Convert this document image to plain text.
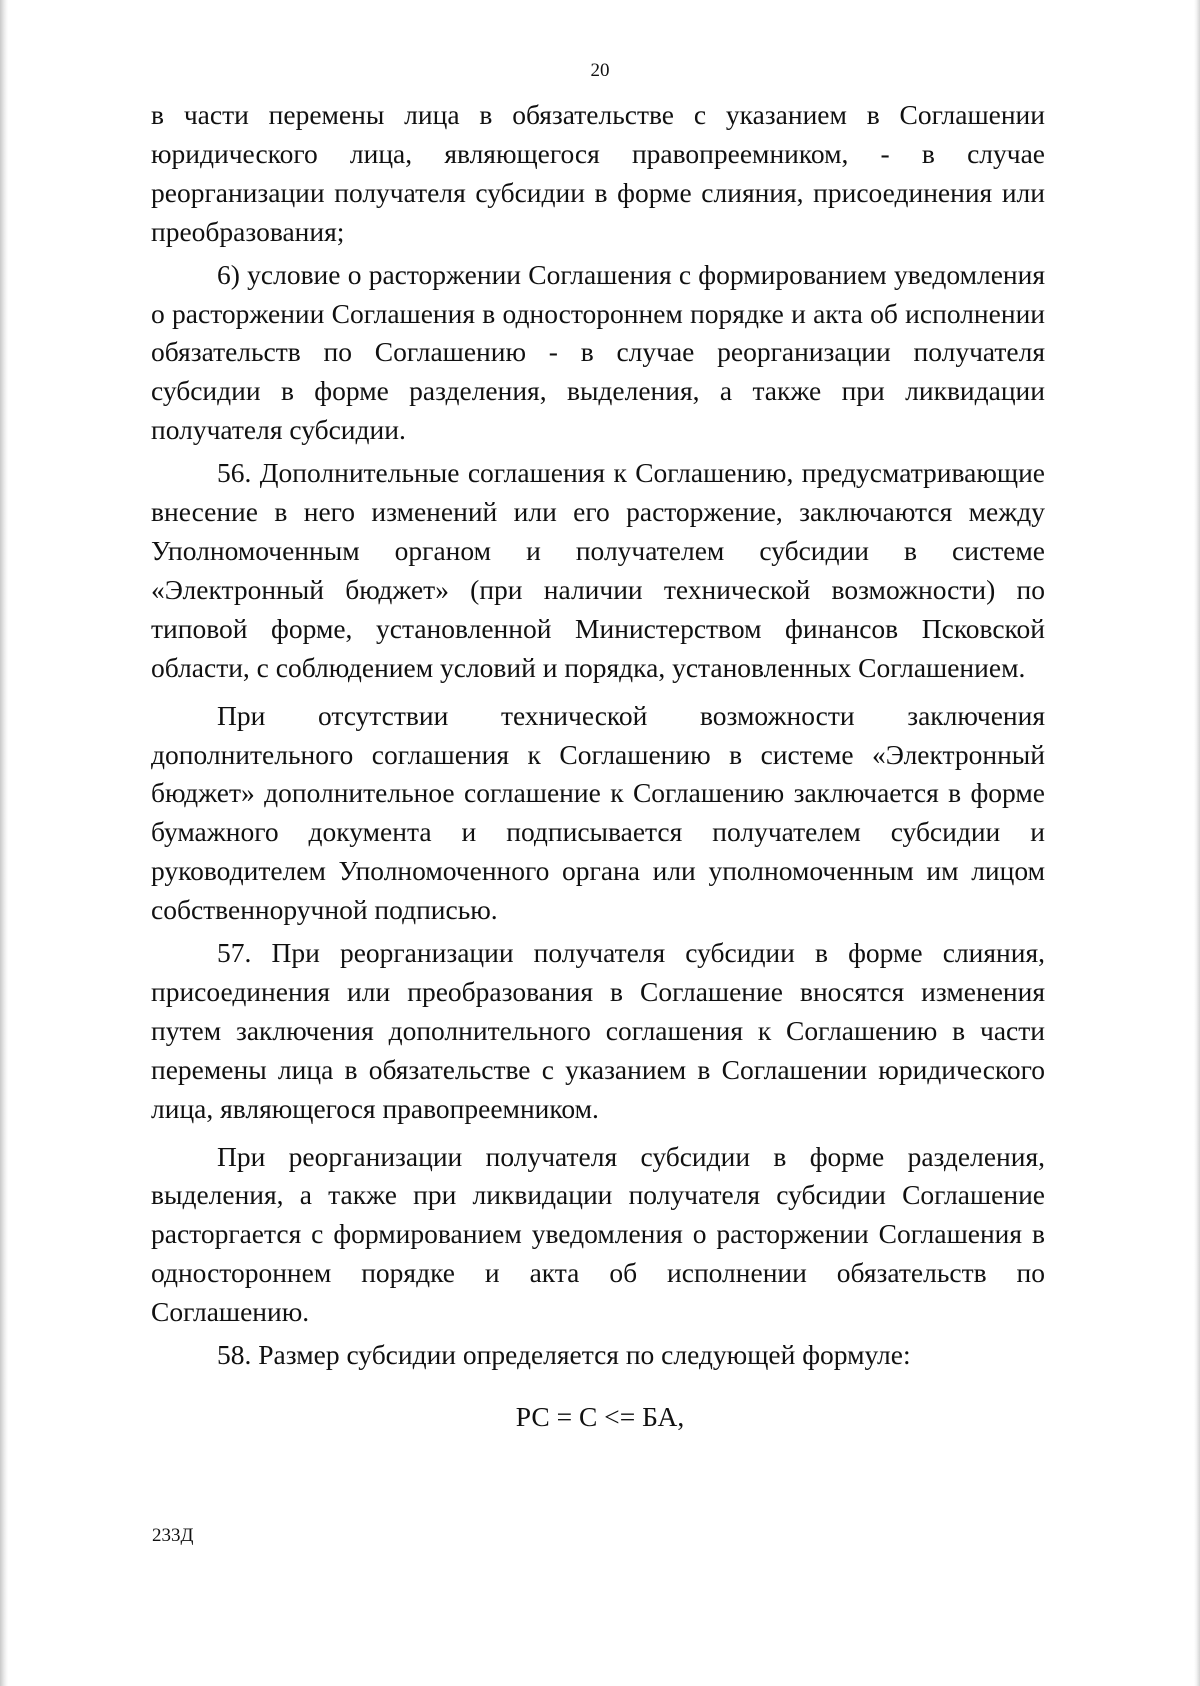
20

в части перемены лица в обязательстве с указанием в Соглашении юридического лица, являющегося правопреемником, - в случае реорганизации получателя субсидии в форме слияния, присоединения или преобразования;

6) условие о расторжении Соглашения с формированием уведомления о расторжении Соглашения в одностороннем порядке и акта об исполнении обязательств по Соглашению - в случае реорганизации получателя субсидии в форме разделения, выделения, а также при ликвидации получателя субсидии.

56. Дополнительные соглашения к Соглашению, предусматривающие внесение в него изменений или его расторжение, заключаются между Уполномоченным органом и получателем субсидии в системе «Электронный бюджет» (при наличии технической возможности) по типовой форме, установленной Министерством финансов Псковской области, с соблюдением условий и порядка, установленных Соглашением.

При отсутствии технической возможности заключения дополнительного соглашения к Соглашению в системе «Электронный бюджет» дополнительное соглашение к Соглашению заключается в форме бумажного документа и подписывается получателем субсидии и руководителем Уполномоченного органа или уполномоченным им лицом собственноручной подписью.

57. При реорганизации получателя субсидии в форме слияния, присоединения или преобразования в Соглашение вносятся изменения путем заключения дополнительного соглашения к Соглашению в части перемены лица в обязательстве с указанием в Соглашении юридического лица, являющегося правопреемником.

При реорганизации получателя субсидии в форме разделения, выделения, а также при ликвидации получателя субсидии Соглашение расторгается с формированием уведомления о расторжении Соглашения в одностороннем порядке и акта об исполнении обязательств по Соглашению.

58. Размер субсидии определяется по следующей формуле:

РС = С <= БА,
233Д
